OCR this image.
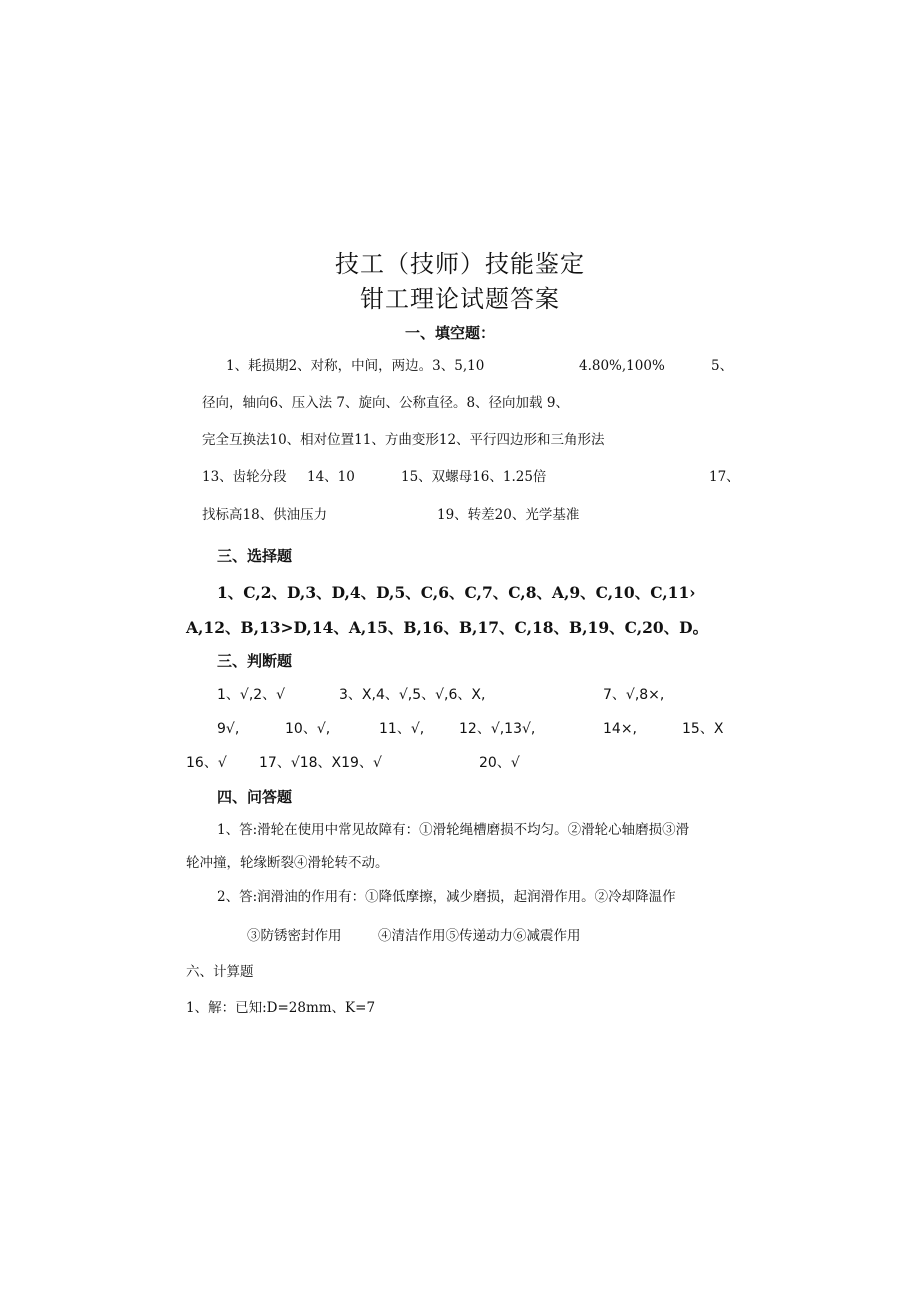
技工（技师）技能鉴定
钳工理论试题答案
一、填空题：
1、耗损期2、对称，中间，两边。3、5,10	4.80%,100%	5、
径向，轴向6、压入法 7、旋向、公称直径。8、径向加载 9、
完全互换法10、相对位置11、方曲变形12、平行四边形和三角形法
13、齿轮分段 14、10	15、双螺母16、1.25倍	17、
找标高18、供油压力	19、转差20、光学基准
三、选择题
1、C,2、D,3、D,4、D,5、C,6、C,7、C,8、A,9、C,10、C,11›
A,12、B,13>D,14、A,15、B,16、B,17、C,18、B,19、C,20、D。
三、判断题
1、√,2、√	3、X,4、√,5、√,6、X,	7、√,8×,
9√,	10、√,	11、√, 12、√,13√,	14×,	15、X
16、√ 17、√18、X19、√	20、√
四、问答题
1、答:滑轮在使用中常见故障有：①滑轮绳槽磨损不均匀。②滑轮心轴磨损③滑
轮冲撞，轮缘断裂④滑轮转不动。
2、答:润滑油的作用有：①降低摩擦，减少磨损，起润滑作用。②冷却降温作
③防锈密封作用	④清洁作用⑤传递动力⑥减震作用
六、计算题
1、解：已知:D=28mm、K=7
